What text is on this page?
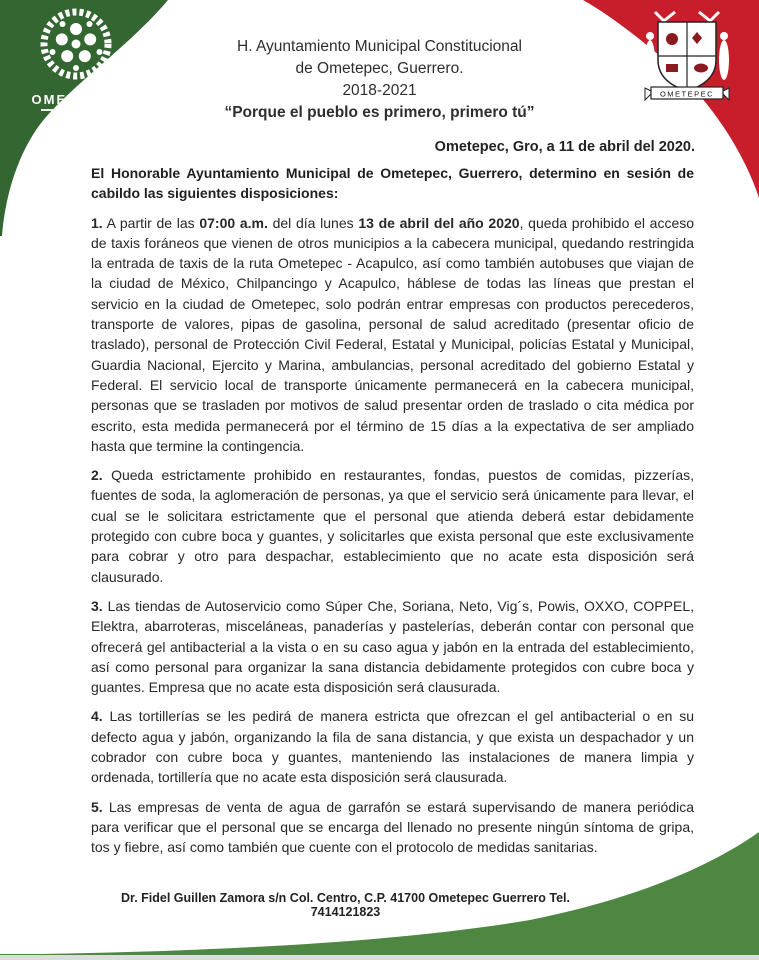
OMETEPEC	OMETEPEC
H. Ayuntamiento Municipal Constitucional
de Ometepec, Guerrero.
2018-2021
“Porque el pueblo es primero, primero tú”
Ometepec, Gro, a 11 de abril del 2020.

El Honorable Ayuntamiento Municipal de Ometepec, Guerrero, determino en sesión de cabildo las siguientes disposiciones:

1. A partir de las 07:00 a.m. del día lunes 13 de abril del año 2020, queda prohibido el acceso de taxis foráneos que vienen de otros municipios a la cabecera municipal, quedando restringida la entrada de taxis de la ruta Ometepec - Acapulco, así como también autobuses que viajan de la ciudad de México, Chilpancingo y Acapulco, háblese de todas las líneas que prestan el servicio en la ciudad de Ometepec, solo podrán entrar empresas con productos perecederos, transporte de valores, pipas de gasolina, personal de salud acreditado (presentar oficio de traslado), personal de Protección Civil Federal, Estatal y Municipal, policías Estatal y Municipal, Guardia Nacional, Ejercito y Marina, ambulancias, personal acreditado del gobierno Estatal y Federal. El servicio local de transporte únicamente permanecerá en la cabecera municipal, personas que se trasladen por motivos de salud presentar orden de traslado o cita médica por escrito, esta medida permanecerá por el término de 15 días a la expectativa de ser ampliado hasta que termine la contingencia.

2. Queda estrictamente prohibido en restaurantes, fondas, puestos de comidas, pizzerías, fuentes de soda, la aglomeración de personas, ya que el servicio será únicamente para llevar, el cual se le solicitara estrictamente que el personal que atienda deberá estar debidamente protegido con cubre boca y guantes, y solicitarles que exista personal que este exclusivamente para cobrar y otro para despachar, establecimiento que no acate esta disposición será clausurado.

3. Las tiendas de Autoservicio como Súper Che, Soriana, Neto, Vig´s, Powis, OXXO, COPPEL, Elektra, abarroteras, misceláneas, panaderías y pastelerías, deberán contar con personal que ofrecerá gel antibacterial a la vista o en su caso agua y jabón en la entrada del establecimiento, así como personal para organizar la sana distancia debidamente protegidos con cubre boca y guantes. Empresa que no acate esta disposición será clausurada.

4. Las tortillerías se les pedirá de manera estricta que ofrezcan el gel antibacterial o en su defecto agua y jabón, organizando la fila de sana distancia, y que exista un despachador y un cobrador con cubre boca y guantes, manteniendo las instalaciones de manera limpia y ordenada, tortillería que no acate esta disposición será clausurada.

5. Las empresas de venta de agua de garrafón se estará supervisando de manera periódica para verificar que el personal que se encarga del llenado no presente ningún síntoma de gripa, tos y fiebre, así como también que cuente con el protocolo de medidas sanitarias.

Dr. Fidel Guillen Zamora s/n Col. Centro, C.P. 41700 Ometepec Guerrero Tel. 7414121823
